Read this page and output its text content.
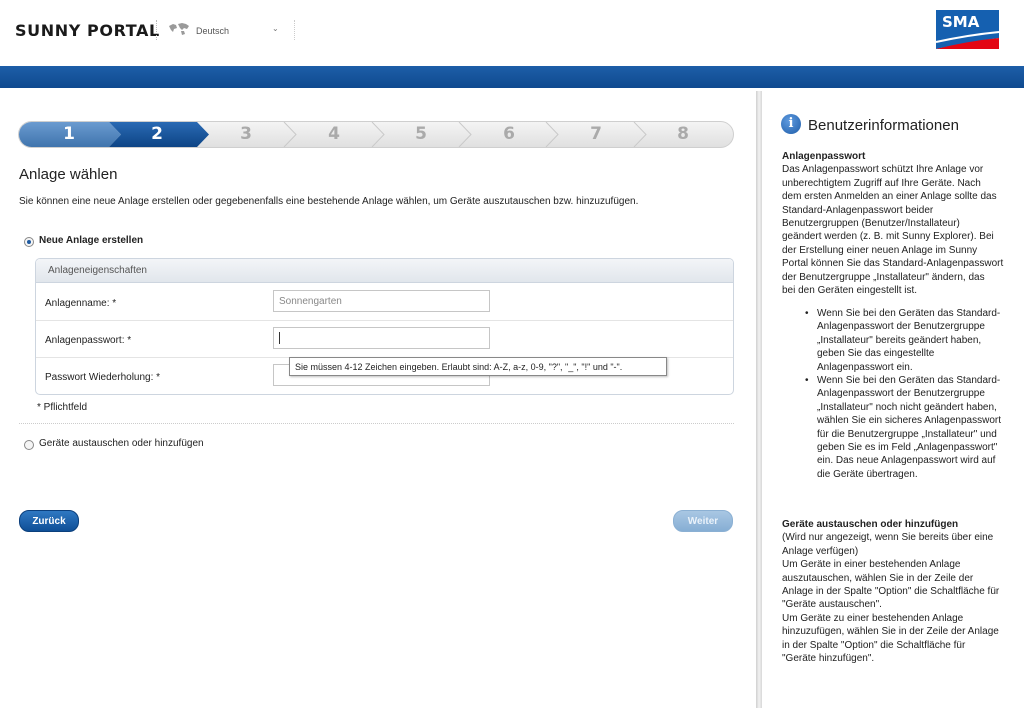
SUNNY PORTAL	Deutsch	⌄	SMA
1	2	3	4	5	6	7	8
Anlage wählen
Sie können eine neue Anlage erstellen oder gegebenenfalls eine bestehende Anlage wählen, um Geräte auszutauschen bzw. hinzuzufügen.
Neue Anlage erstellen
Anlageneigenschaften
Anlagenname: *	Sonnengarten
Anlagenpasswort: *
Passwort Wiederholung: *
Sie müssen 4-12 Zeichen eingeben. Erlaubt sind: A-Z, a-z, 0-9, "?", "_", "!" und "-".
* Pflichtfeld
Geräte austauschen oder hinzufügen
Zurück	Weiter
i Benutzerinformationen
Anlagenpasswort
Das Anlagenpasswort schützt Ihre Anlage vor
unberechtigtem Zugriff auf Ihre Geräte. Nach
dem ersten Anmelden an einer Anlage sollte das
Standard-Anlagenpasswort beider
Benutzergruppen (Benutzer/Installateur)
geändert werden (z. B. mit Sunny Explorer). Bei
der Erstellung einer neuen Anlage im Sunny
Portal können Sie das Standard-Anlagenpasswort
der Benutzergruppe „Installateur" ändern, das
bei den Geräten eingestellt ist.
• Wenn Sie bei den Geräten das Standard-
Anlagenpasswort der Benutzergruppe
„Installateur" bereits geändert haben,
geben Sie das eingestellte
Anlagenpasswort ein.
• Wenn Sie bei den Geräten das Standard-
Anlagenpasswort der Benutzergruppe
„Installateur" noch nicht geändert haben,
wählen Sie ein sicheres Anlagenpasswort
für die Benutzergruppe „Installateur" und
geben Sie es im Feld „Anlagenpasswort"
ein. Das neue Anlagenpasswort wird auf
die Geräte übertragen.
Geräte austauschen oder hinzufügen
(Wird nur angezeigt, wenn Sie bereits über eine
Anlage verfügen)
Um Geräte in einer bestehenden Anlage
auszutauschen, wählen Sie in der Zeile der
Anlage in der Spalte "Option" die Schaltfläche für
"Geräte austauschen".
Um Geräte zu einer bestehenden Anlage
hinzuzufügen, wählen Sie in der Zeile der Anlage
in der Spalte "Option" die Schaltfläche für
"Geräte hinzufügen".
